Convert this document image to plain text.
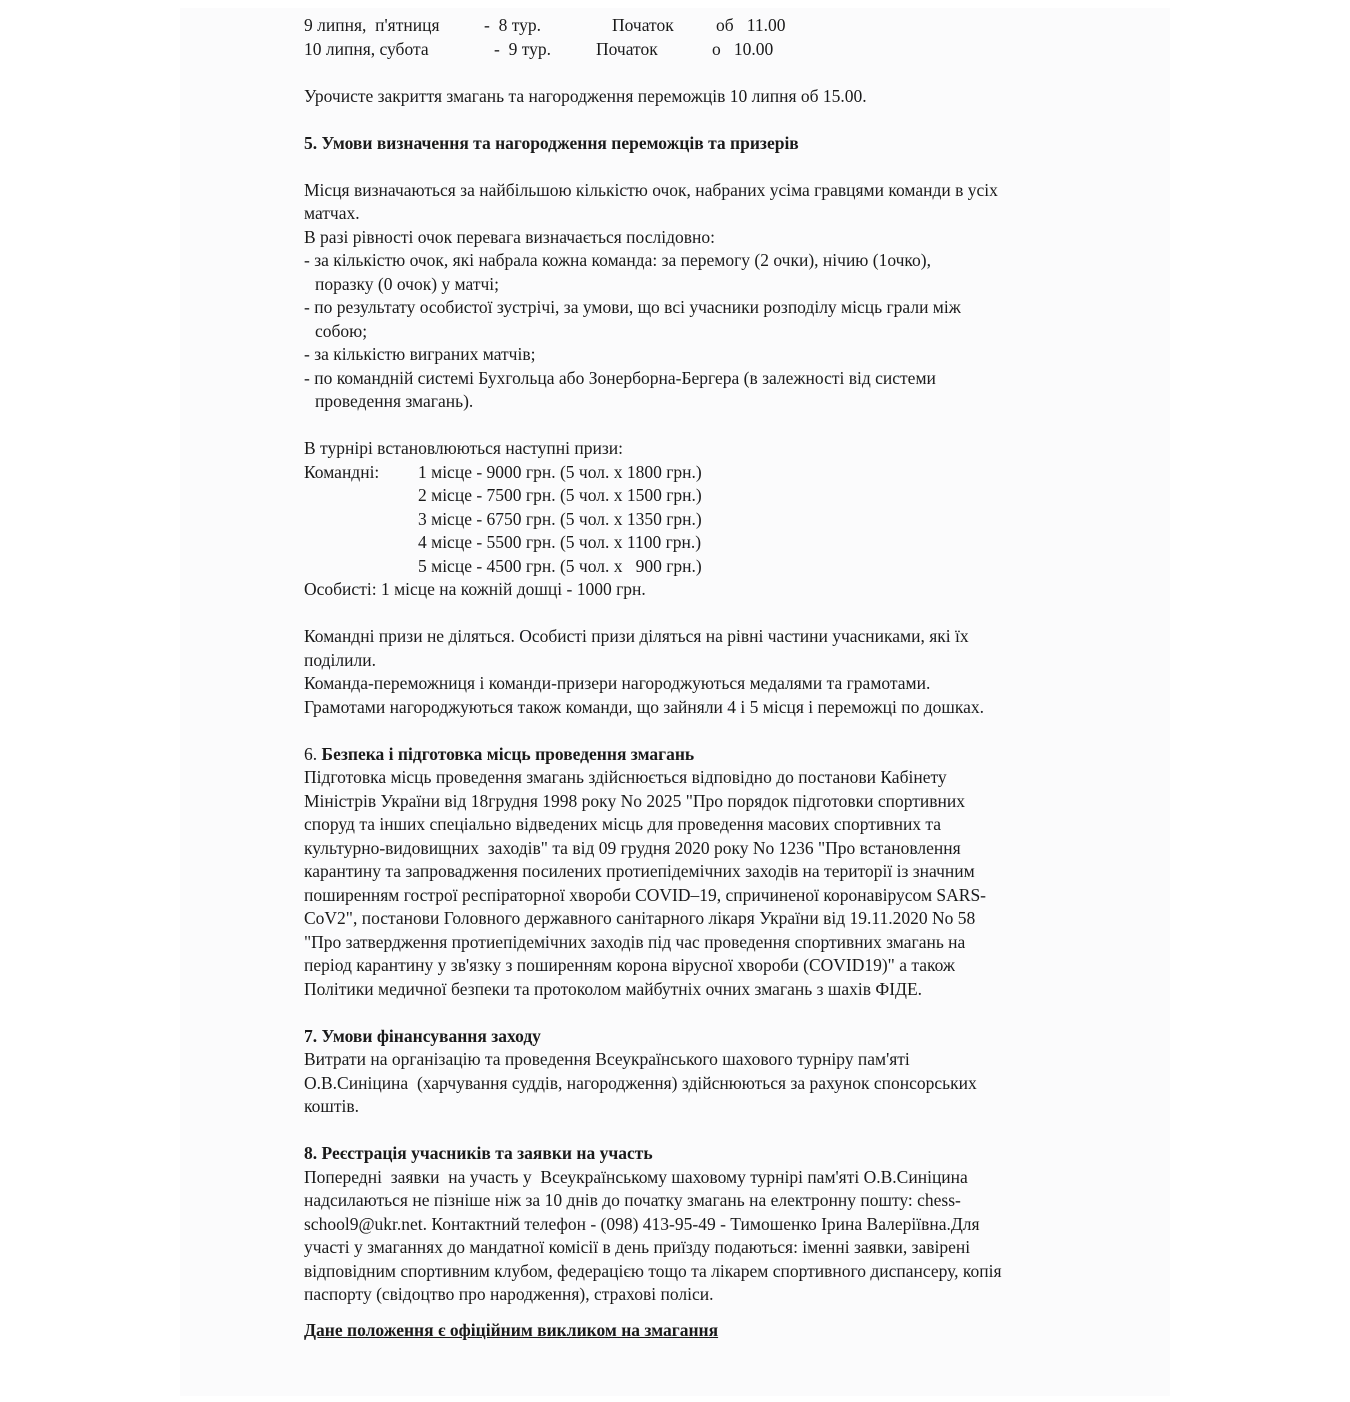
9 липня,  п'ятниця	-  8 тур.	Початок об   11.00
10 липня, субота	-  9 тур.	Початок	о   10.00
Урочисте закриття змагань та нагородження переможців 10 липня об 15.00.
5. Умови визначення та нагородження переможців та призерів
Місця визначаються за найбільшою кількістю очок, набраних усіма гравцями команди в усіх
матчах.
В разі рівності очок перевага визначається послідовно:
- за кількістю очок, які набрала кожна команда: за перемогу (2 очки), нічию (1очко),
поразку (0 очок) у матчі;
- по результату особистої зустрічі, за умови, що всі учасники розподілу місць грали між
собою;
- за кількістю виграних матчів;
- по командній системі Бухгольца або Зонерборна-Бергера (в залежності від системи
проведення змагань).
В турнірі встановлюються наступні призи:
Командні: 1 місце - 9000 грн. (5 чол. х 1800 грн.)
2 місце - 7500 грн. (5 чол. х 1500 грн.)
3 місце - 6750 грн. (5 чол. х 1350 грн.)
4 місце - 5500 грн. (5 чол. х 1100 грн.)
5 місце - 4500 грн. (5 чол. х   900 грн.)
Особисті: 1 місце на кожній дошці - 1000 грн.
Командні призи не діляться. Особисті призи діляться на рівні частини учасниками, які їх
поділили.
Команда-переможниця і команди-призери нагороджуються медалями та грамотами.
Грамотами нагороджуються також команди, що зайняли 4 і 5 місця і переможці по дошках.
6. Безпека і підготовка місць проведення змагань
Підготовка місць проведення змагань здійснюється відповідно до постанови Кабінету
Міністрів України від 18грудня 1998 року No 2025 "Про порядок підготовки спортивних
споруд та інших спеціально відведених місць для проведення масових спортивних та
культурно-видовищних  заходів" та від 09 грудня 2020 року No 1236 "Про встановлення
карантину та запровадження посилених протиепідемічних заходів на території із значним
поширенням гострої респіраторної хвороби COVID–19, спричиненої коронавірусом SARS-
CoV2", постанови Головного державного санітарного лікаря України від 19.11.2020 No 58
"Про затвердження протиепідемічних заходів під час проведення спортивних змагань на
період карантину у зв'язку з поширенням корона вірусної хвороби (COVID19)" а також
Політики медичної безпеки та протоколом майбутніх очних змагань з шахів ФІДЕ.
7. Умови фінансування заходу
Витрати на організацію та проведення Всеукраїнського шахового турніру пам'яті
О.В.Синіцина  (харчування суддів, нагородження) здійснюються за рахунок спонсорських
коштів.
8. Реєстрація учасників та заявки на участь
Попередні  заявки  на участь у  Всеукраїнському шаховому турнірі пам'яті О.В.Синіцина
надсилаються не пізніше ніж за 10 днів до початку змагань на електронну пошту: chess-
school9@ukr.net. Контактний телефон - (098) 413-95-49 - Тимошенко Ірина Валеріївна.Для
участі у змаганнях до мандатної комісії в день приїзду подаються: іменні заявки, завірені
відповідним спортивним клубом, федерацією тощо та лікарем спортивного диспансеру, копія
паспорту (свідоцтво про народження), страхові поліси.
Дане положення є офіційним викликом на змагання
